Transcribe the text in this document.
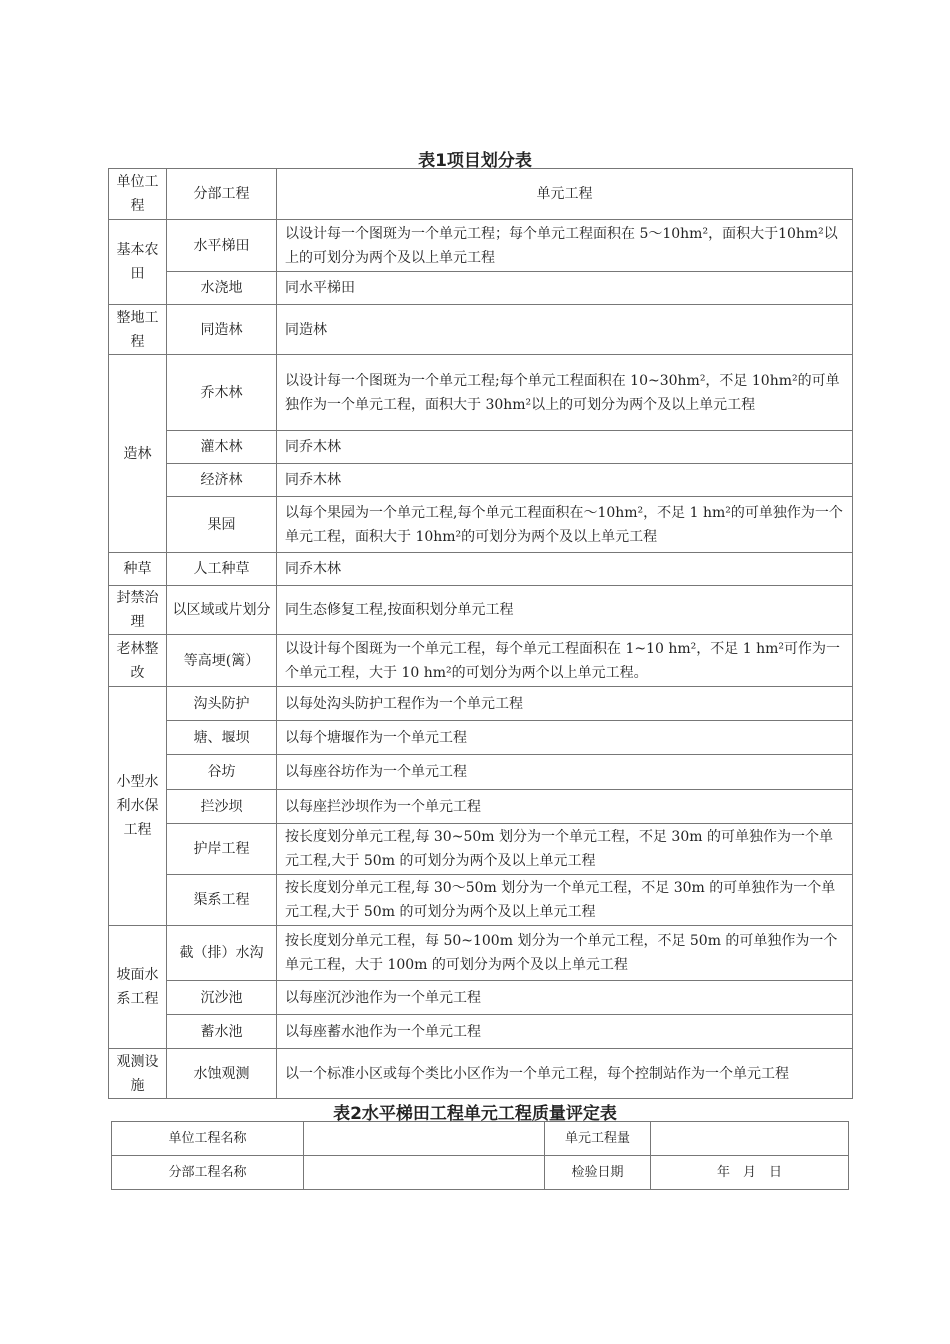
表1项目划分表
单位工程	分部工程	单元工程
基本农田	水平梯田	以设计每一个图斑为一个单元工程；每个单元工程面积在 5～10hm²，面积大于10hm²以上的可划分为两个及以上单元工程
	水浇地	同水平梯田
整地工程	同造林	同造林
造林	乔木林	以设计每一个图斑为一个单元工程;每个单元工程面积在 10~30hm²，不足 10hm²的可单独作为一个单元工程，面积大于 30hm²以上的可划分为两个及以上单元工程
	灌木林	同乔木林
	经济林	同乔木林
	果园	以每个果园为一个单元工程,每个单元工程面积在～10hm²，不足 1 hm²的可单独作为一个单元工程，面积大于 10hm²的可划分为两个及以上单元工程
种草	人工种草	同乔木林
封禁治理	以区域或片划分	同生态修复工程,按面积划分单元工程
老林整改	等高埂(篱）	以设计每个图斑为一个单元工程，每个单元工程面积在 1~10 hm²，不足 1 hm²可作为一个单元工程，大于 10 hm²的可划分为两个以上单元工程。
小型水利水保工程	沟头防护	以每处沟头防护工程作为一个单元工程
	塘、堰坝	以每个塘堰作为一个单元工程
	谷坊	以每座谷坊作为一个单元工程
	拦沙坝	以每座拦沙坝作为一个单元工程
	护岸工程	按长度划分单元工程,每 30~50m 划分为一个单元工程，不足 30m 的可单独作为一个单元工程,大于 50m 的可划分为两个及以上单元工程
	渠系工程	按长度划分单元工程,每 30～50m 划分为一个单元工程，不足 30m 的可单独作为一个单元工程,大于 50m 的可划分为两个及以上单元工程
坡面水系工程	截（排）水沟	按长度划分单元工程，每 50~100m 划分为一个单元工程，不足 50m 的可单独作为一个单元工程，大于 100m 的可划分为两个及以上单元工程
	沉沙池	以每座沉沙池作为一个单元工程
	蓄水池	以每座蓄水池作为一个单元工程
观测设施	水蚀观测	以一个标准小区或每个类比小区作为一个单元工程，每个控制站作为一个单元工程
表2水平梯田工程单元工程质量评定表
单位工程名称		单元工程量	
分部工程名称		检验日期	年　月　日
